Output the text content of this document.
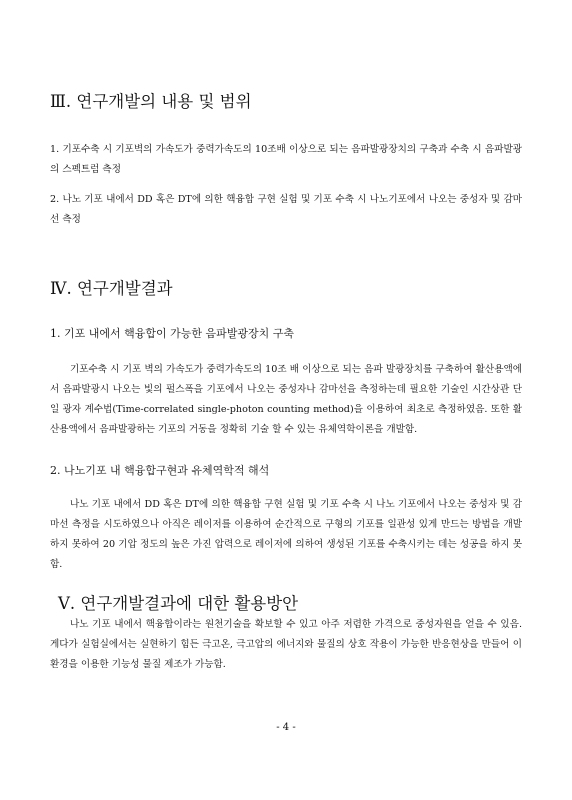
Ⅲ. 연구개발의 내용 및 범위

1. 기포수축 시 기포벽의 가속도가 중력가속도의 10조배 이상으로 되는 음파발광장치의 구축과 수축 시 음파발광의 스펙트럼 측정

2. 나노 기포 내에서 DD 혹은 DT에 의한 핵융합 구현 실험 및 기포 수축 시 나노기포에서 나오는 중성자 및 감마선 측정

Ⅳ. 연구개발결과
1. 기포 내에서 핵융합이 가능한 음파발광장치 구축

기포수축 시 기포 벽의 가속도가 중력가속도의 10조 배 이상으로 되는 음파 발광장치를 구축하여 활산용액에서 음파발광시 나오는 빛의 펄스폭을 기포에서 나오는 중성자나 감마선을 측정하는데 필요한 기술인 시간상관 단일 광자 계수법(Time-correlated single-photon counting method)을 이용하여 최초로 측정하였음. 또한 활산용액에서 음파발광하는 기포의 거동을 정확히 기술 할 수 있는 유체역학이론을 개발함.

2. 나노기포 내 핵융합구현과 유체역학적 해석

나노 기포 내에서 DD 혹은 DT에 의한 핵융합 구현 실험 및 기포 수축 시 나노 기포에서 나오는 중성자 및 감마선 측정을 시도하였으나 아직은 레이저를 이용하여 순간적으로 구형의 기포를 일관성 있게 만드는 방법을 개발하지 못하여 20 기압 정도의 높은 가진 압력으로 레이저에 의하여 생성된 기포를 수축시키는 데는 성공을 하지 못함.

Ⅴ. 연구개발결과에 대한 활용방안

나노 기포 내에서 핵융합이라는 원천기술을 확보할 수 있고 아주 저렴한 가격으로 중성자원을 얻을 수 있음. 게다가 실험실에서는 실현하기 힘든 극고온, 극고압의 에너지와 물질의 상호 작용이 가능한 반응현상을 만들어 이 환경을 이용한 기능성 물질 제조가 가능함.

- 4 -
